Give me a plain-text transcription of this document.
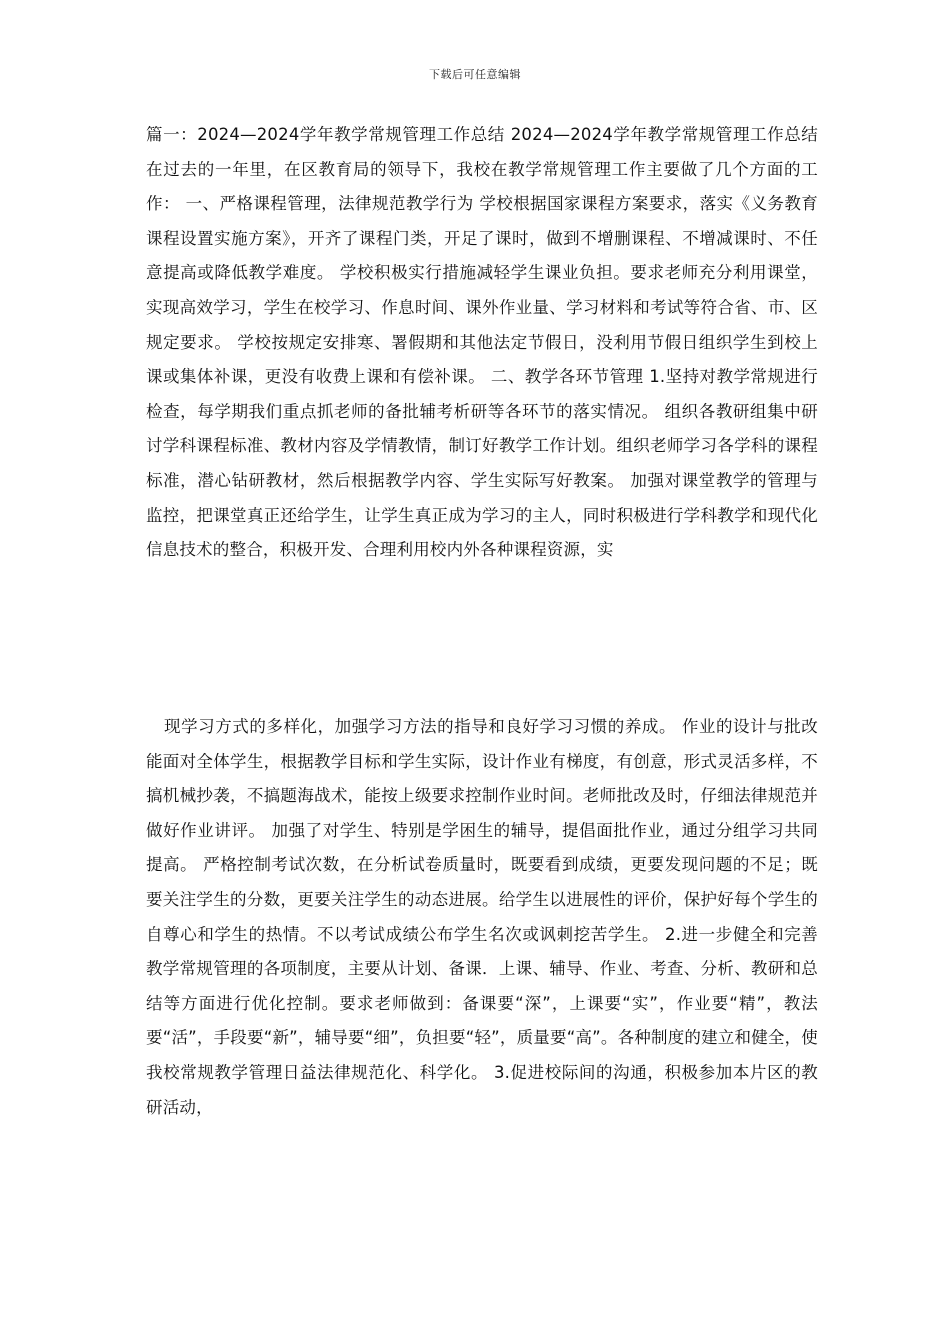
下载后可任意编辑

篇一：2024—2024学年教学常规管理工作总结 2024—2024学年教学常规管理工作总结 在过去的一年里，在区教育局的领导下，我校在教学常规管理工作主要做了几个方面的工作： 一、严格课程管理，法律规范教学行为 学校根据国家课程方案要求，落实《义务教育课程设置实施方案》，开齐了课程门类，开足了课时，做到不增删课程、不增减课时、不任意提高或降低教学难度。 学校积极实行措施减轻学生课业负担。要求老师充分利用课堂，实现高效学习，学生在校学习、作息时间、课外作业量、学习材料和考试等符合省、市、区规定要求。 学校按规定安排寒、署假期和其他法定节假日，没利用节假日组织学生到校上课或集体补课，更没有收费上课和有偿补课。 二、教学各环节管理 1.坚持对教学常规进行检查，每学期我们重点抓老师的备批辅考析研等各环节的落实情况。 组织各教研组集中研讨学科课程标准、教材内容及学情教情，制订好教学工作计划。组织老师学习各学科的课程标准，潜心钻研教材，然后根据教学内容、学生实际写好教案。 加强对课堂教学的管理与监控，把课堂真正还给学生，让学生真正成为学习的主人，同时积极进行学科教学和现代化信息技术的整合，积极开发、合理利用校内外各种课程资源，实

现学习方式的多样化，加强学习方法的指导和良好学习习惯的养成。 作业的设计与批改能面对全体学生，根据教学目标和学生实际，设计作业有梯度，有创意，形式灵活多样，不搞机械抄袭，不搞题海战术，能按上级要求控制作业时间。老师批改及时，仔细法律规范并做好作业讲评。 加强了对学生、特别是学困生的辅导，提倡面批作业，通过分组学习共同提高。 严格控制考试次数，在分析试卷质量时，既要看到成绩，更要发现问题的不足；既要关注学生的分数，更要关注学生的动态进展。给学生以进展性的评价，保护好每个学生的自尊心和学生的热情。不以考试成绩公布学生名次或讽刺挖苦学生。 2.进一步健全和完善教学常规管理的各项制度，主要从计划、备课．上课、辅导、作业、考查、分析、教研和总结等方面进行优化控制。要求老师做到：备课要“深”，上课要“实”，作业要“精”，教法要“活”，手段要“新”，辅导要“细”，负担要“轻”，质量要“高”。各种制度的建立和健全，使我校常规教学管理日益法律规范化、科学化。 3.促进校际间的沟通，积极参加本片区的教研活动，
